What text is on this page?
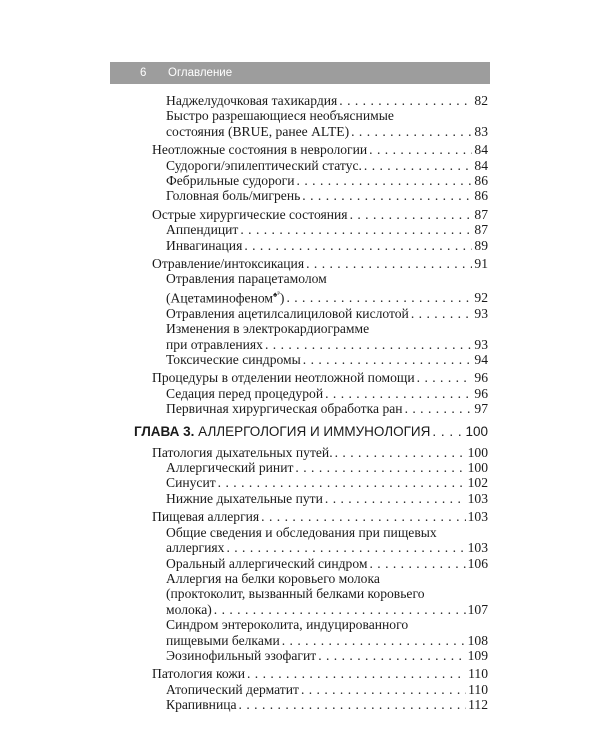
6	Оглавление
Наджелудочковая тахикардия . . .	82
Быстро разрешающиеся необъяснимые
состояния (BRUE, ранее ALTE) . . .	83
Неотложные состояния в неврологии . . .	84
Судороги/эпилептический статус. . . .	84
Фебрильные судороги . . .	86
Головная боль/мигрень . . .	86
Острые хирургические состояния . . .	87
Аппендицит . . .	87
Инвагинация . . .	89
Отравление/интоксикация . . .	91
Отравления парацетамолом
(Ацетаминофеном$^{♠ᴾ}$) . . .	92
Отравления ацетилсалициловой кислотой . . .	93
Изменения в электрокардиограмме
при отравлениях . . .	93
Токсические синдромы . . .	94
Процедуры в отделении неотложной помощи . . .	96
Седация перед процедурой . . .	96
Первичная хирургическая обработка ран . . .	97
ГЛАВА 3. АЛЛЕРГОЛОГИЯ И ИММУНОЛОГИЯ . . .	100
Патология дыхательных путей. . . .	100
Аллергический ринит . . .	100
Синусит . . .	102
Нижние дыхательные пути . . .	103
Пищевая аллергия . . .	103
Общие сведения и обследования при пищевых
аллергиях . . .	103
Оральный аллергический синдром . . .	106
Аллергия на белки коровьего молока
(проктоколит, вызванный белками коровьего
молока) . . .	107
Синдром энтероколита, индуцированного
пищевыми белками . . .	108
Эозинофильный эзофагит . . .	109
Патология кожи . . .	110
Атопический дерматит . . .	110
Крапивница . . .	112
